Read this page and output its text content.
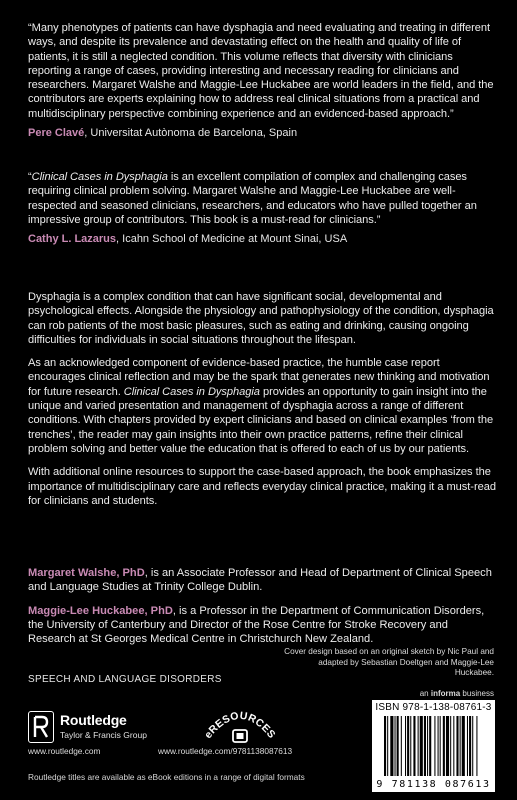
“Many phenotypes of patients can have dysphagia and need evaluating and treating in different ways, and despite its prevalence and devastating effect on the health and quality of life of patients, it is still a neglected condition. This volume reflects that diversity with clinicians reporting a range of cases, providing interesting and necessary reading for clinicians and researchers. Margaret Walshe and Maggie-Lee Huckabee are world leaders in the field, and the contributors are experts explaining how to address real clinical situations from a practical and multidisciplinary perspective combining experience and an evidenced-based approach.”

Pere Clavé, Universitat Autònoma de Barcelona, Spain

“Clinical Cases in Dysphagia is an excellent compilation of complex and challenging cases requiring clinical problem solving. Margaret Walshe and Maggie-Lee Huckabee are well-respected and seasoned clinicians, researchers, and educators who have pulled together an impressive group of contributors. This book is a must-read for clinicians.”

Cathy L. Lazarus, Icahn School of Medicine at Mount Sinai, USA

Dysphagia is a complex condition that can have significant social, developmental and psychological effects. Alongside the physiology and pathophysiology of the condition, dysphagia can rob patients of the most basic pleasures, such as eating and drinking, causing ongoing difficulties for individuals in social situations throughout the lifespan.

As an acknowledged component of evidence-based practice, the humble case report encourages clinical reflection and may be the spark that generates new thinking and motivation for future research. Clinical Cases in Dysphagia provides an opportunity to gain insight into the unique and varied presentation and management of dysphagia across a range of different conditions. With chapters provided by expert clinicians and based on clinical examples ‘from the trenches’, the reader may gain insights into their own practice patterns, refine their clinical problem solving and better value the education that is offered to each of us by our patients.

With additional online resources to support the case-based approach, the book emphasizes the importance of multidisciplinary care and reflects everyday clinical practice, making it a must-read for clinicians and students.

Margaret Walshe, PhD, is an Associate Professor and Head of Department of Clinical Speech and Language Studies at Trinity College Dublin.

Maggie-Lee Huckabee, PhD, is a Professor in the Department of Communication Disorders, the University of Canterbury and Director of the Rose Centre for Stroke Recovery and Research at St Georges Medical Centre in Christchurch New Zealand.

SPEECH AND LANGUAGE DISORDERS
Cover design based on an original sketch by Nic Paul and adapted by Sebastian Doeltgen and Maggie-Lee Huckabee.
an informa business
Routledge
Taylor & Francis Group
www.routledge.com
eRESOURCES
www.routledge.com/9781138087613
ISBN 978-1-138-08761-3
9 781138 087613
Routledge titles are available as eBook editions in a range of digital formats
